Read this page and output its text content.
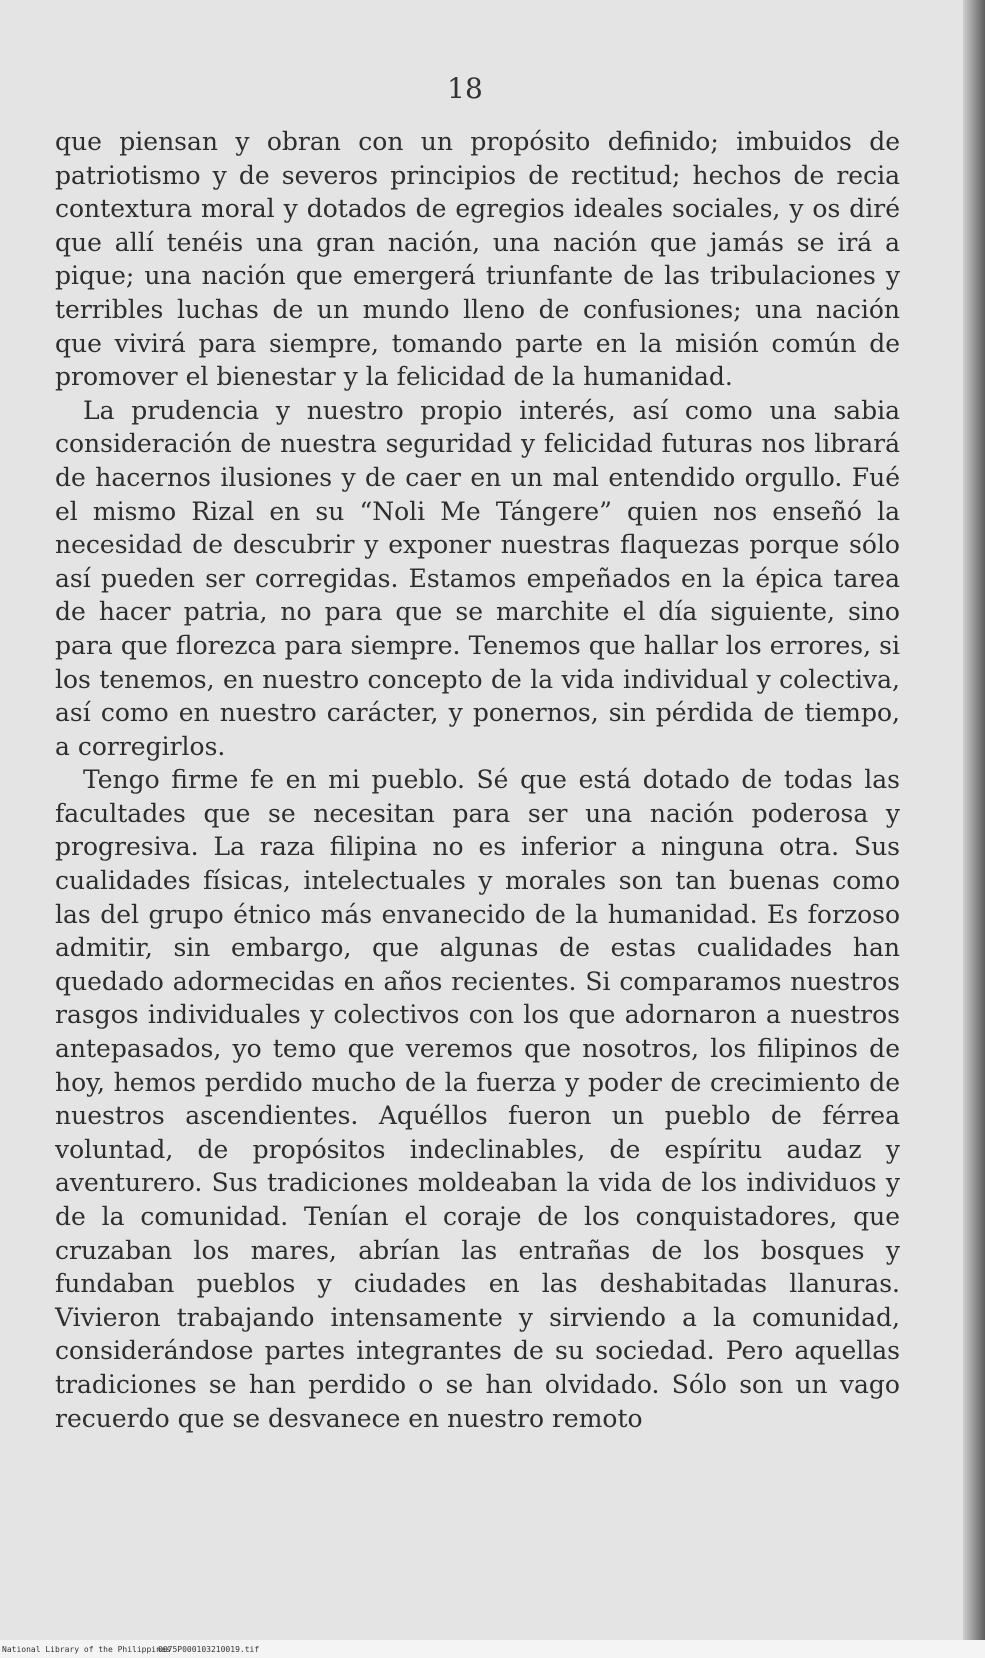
18

que piensan y obran con un propósito definido; imbuidos de patriotismo y de severos principios de rectitud; hechos de recia contextura moral y dotados de egregios ideales sociales, y os diré que allí tenéis una gran nación, una nación que jamás se irá a pique; una nación que emergerá triunfante de las tribulaciones y terribles luchas de un mundo lleno de confusiones; una nación que vivirá para siempre, tomando parte en la misión común de promover el bienestar y la felicidad de la humanidad.

La prudencia y nuestro propio interés, así como una sabia consideración de nuestra seguridad y felicidad futuras nos librará de hacernos ilusiones y de caer en un mal entendido orgullo. Fué el mismo Rizal en su “Noli Me Tángere” quien nos enseñó la necesidad de descubrir y exponer nuestras flaquezas porque sólo así pueden ser corregidas. Estamos empeñados en la épica tarea de hacer patria, no para que se marchite el día siguiente, sino para que florezca para siempre. Tenemos que hallar los errores, si los tenemos, en nuestro concepto de la vida individual y colectiva, así como en nuestro carácter, y ponernos, sin pérdida de tiempo, a corregirlos.

Tengo firme fe en mi pueblo. Sé que está dotado de todas las facultades que se necesitan para ser una nación poderosa y progresiva. La raza filipina no es inferior a ninguna otra. Sus cualidades físicas, intelectuales y morales son tan buenas como las del grupo étnico más envanecido de la humanidad. Es forzoso admitir, sin embargo, que algunas de estas cualidades han quedado adormecidas en años recientes. Si comparamos nuestros rasgos individuales y colectivos con los que adornaron a nuestros antepasados, yo temo que veremos que nosotros, los filipinos de hoy, hemos perdido mucho de la fuerza y poder de crecimiento de nuestros ascendientes. Aquéllos fueron un pueblo de férrea voluntad, de propósitos indeclinables, de espíritu audaz y aventurero. Sus tradiciones moldeaban la vida de los individuos y de la comunidad. Tenían el coraje de los conquistadores, que cruzaban los mares, abrían las entrañas de los bosques y fundaban pueblos y ciudades en las deshabitadas llanuras. Vivieron trabajando intensamente y sirviendo a la comunidad, considerándose partes integrantes de su sociedad. Pero aquellas tradiciones se han perdido o se han olvidado. Sólo son un vago recuerdo que se desvanece en nuestro remoto

National Library of the Philippines
0075P000103210019.tif
